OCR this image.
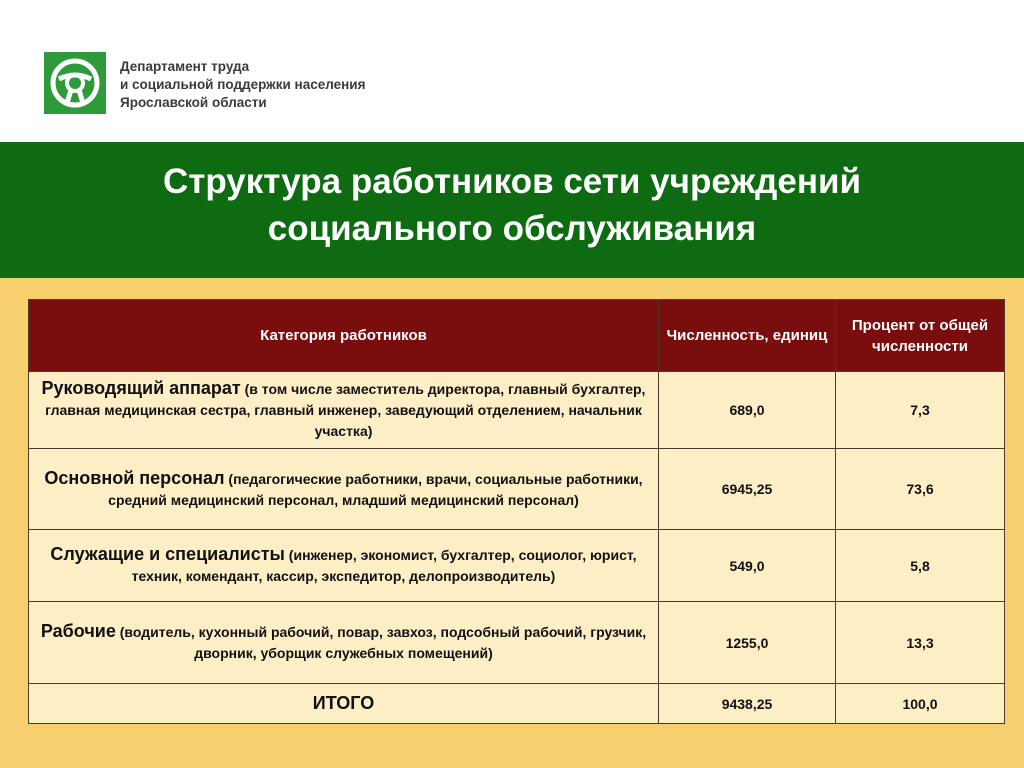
Департамент труда
и социальной поддержки населения
Ярославской области
Структура работников сети учреждений
социального обслуживания
Категория работников	Численность, единиц	Процент от общей численности
Руководящий аппарат (в том числе заместитель директора, главный бухгалтер, главная медицинская сестра, главный инженер, заведующий отделением, начальник участка)	689,0	7,3
Основной персонал (педагогические работники, врачи, социальные работники, средний медицинский персонал, младший медицинский персонал)	6945,25	73,6
Служащие и специалисты (инженер, экономист, бухгалтер, социолог, юрист, техник, комендант, кассир, экспедитор, делопроизводитель)	549,0	5,8
Рабочие (водитель, кухонный рабочий, повар, завхоз, подсобный рабочий, грузчик, дворник, уборщик служебных помещений)	1255,0	13,3
ИТОГО	9438,25	100,0
